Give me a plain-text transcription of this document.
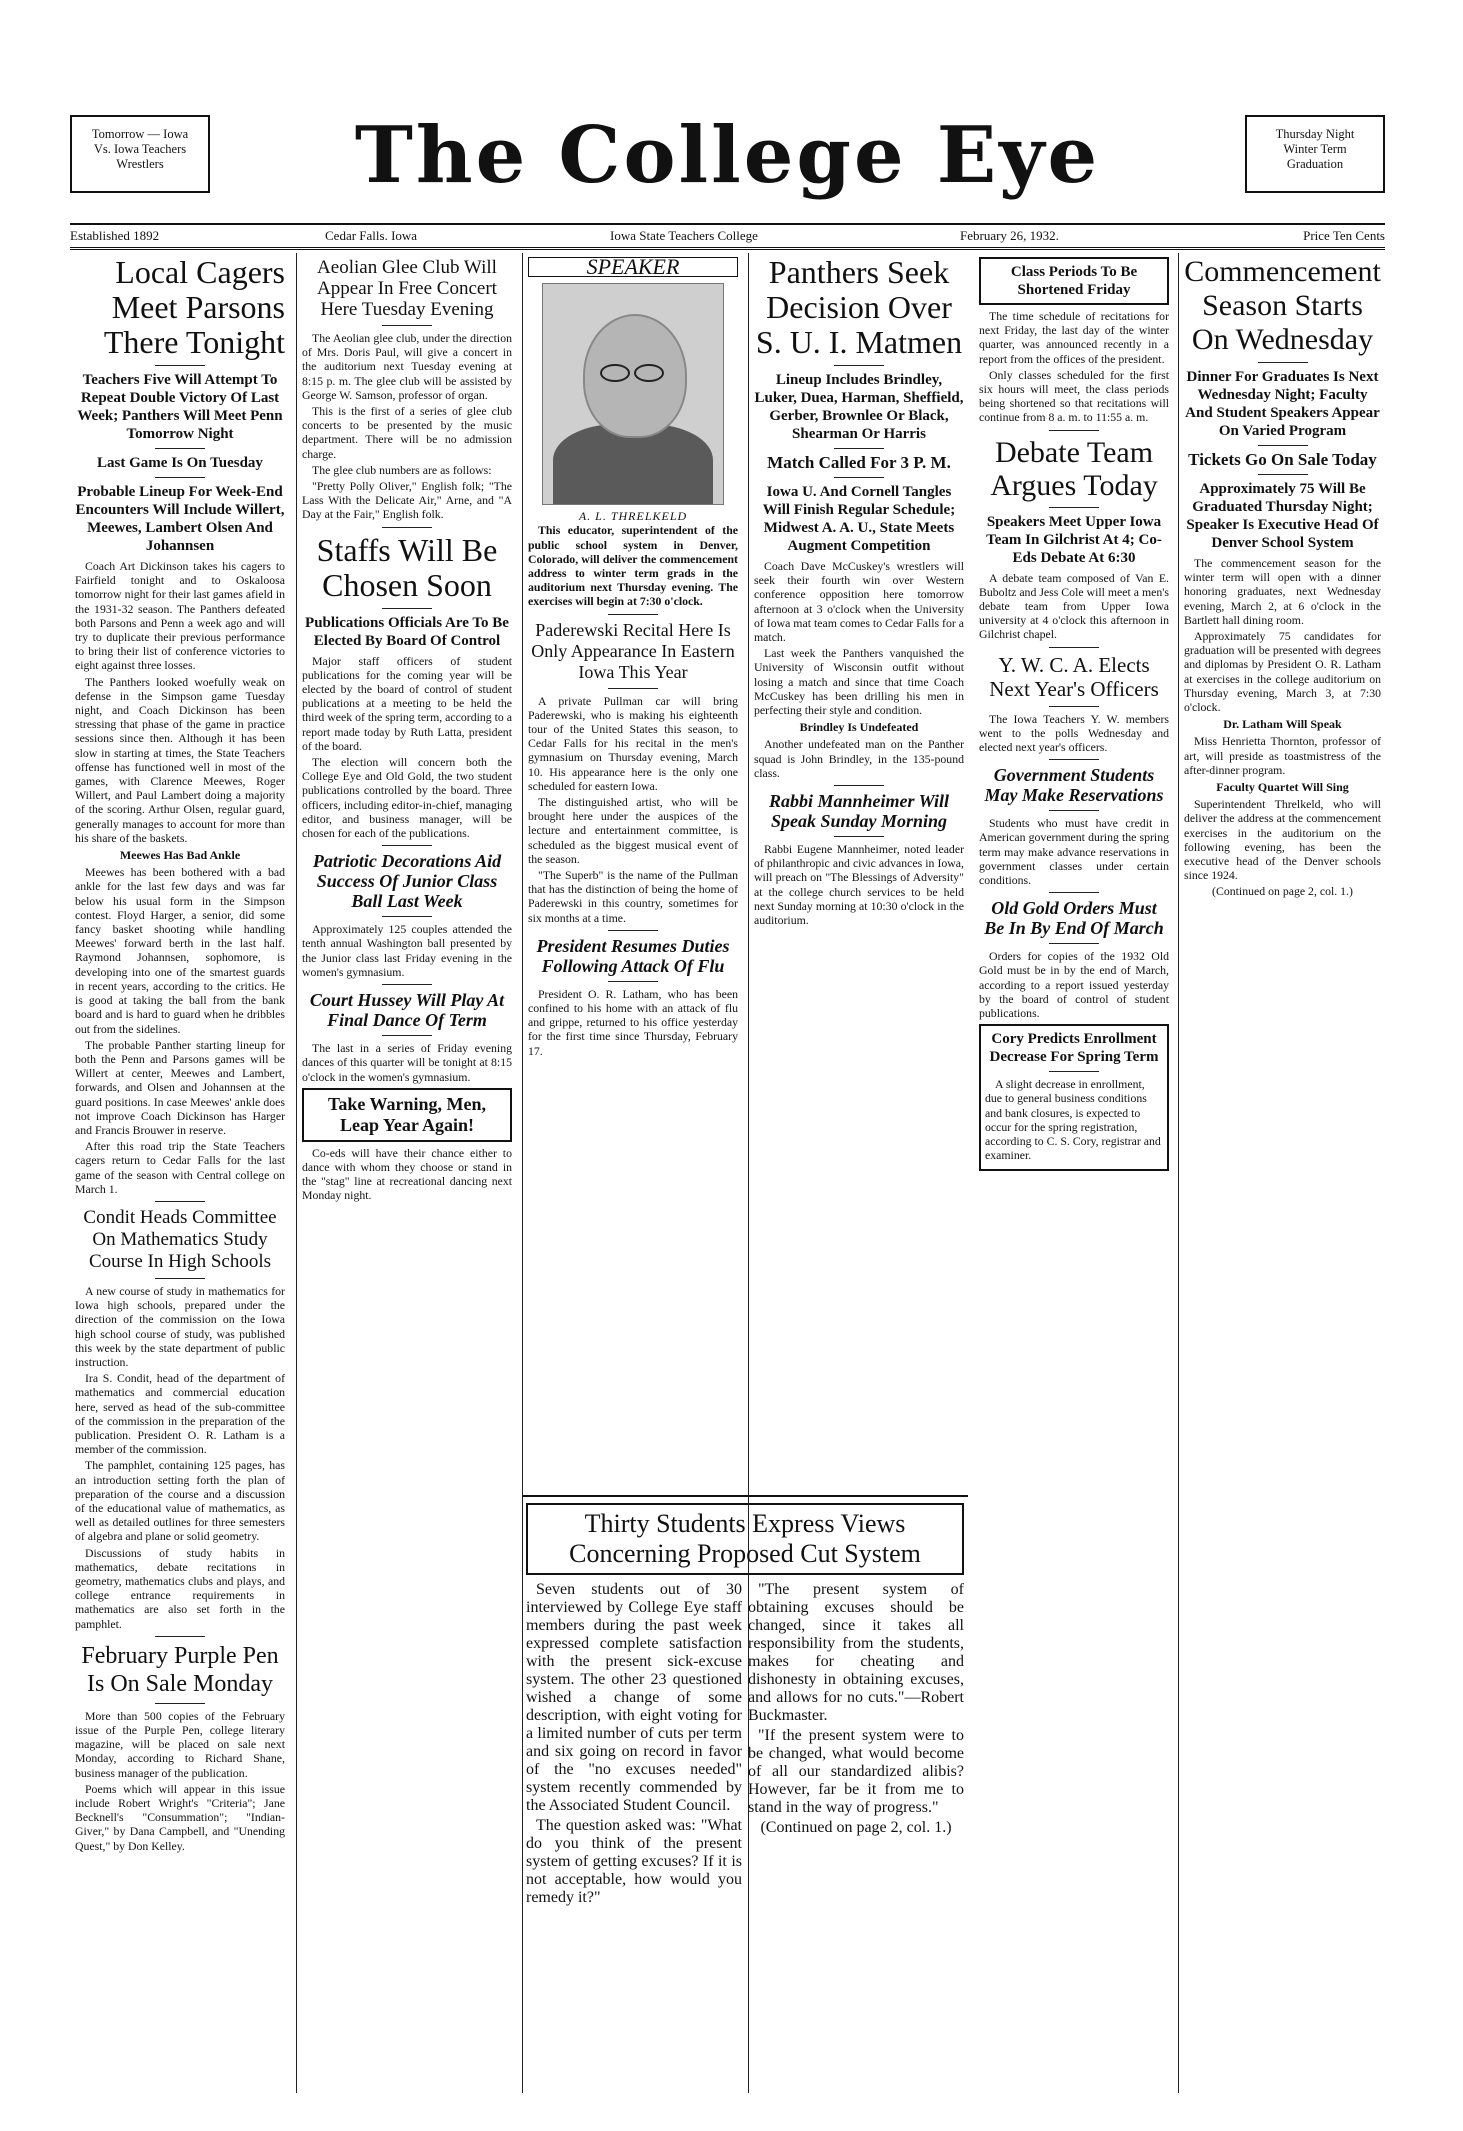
Tomorrow — Iowa
Vs. Iowa Teachers
Wrestlers	The College Eye	Thursday Night
Winter Term
Graduation
Established 1892	Cedar Falls. Iowa	Iowa State Teachers College	February 26, 1932.	Price Ten Cents
Local Cagers Meet Parsons There Tonight
Teachers Five Will Attempt To Repeat Double Victory Of Last Week; Panthers Will Meet Penn Tomorrow Night
Last Game Is On Tuesday
Probable Lineup For Week-End Encounters Will Include Willert, Meewes, Lambert Olsen And Johannsen

Coach Art Dickinson takes his cagers to Fairfield tonight and to Oskaloosa tomorrow night for their last games afield in the 1931-32 season. The Panthers defeated both Parsons and Penn a week ago and will try to duplicate their previous performance to bring their list of conference victories to eight against three losses.

The Panthers looked woefully weak on defense in the Simpson game Tuesday night, and Coach Dickinson has been stressing that phase of the game in practice sessions since then. Although it has been slow in starting at times, the State Teachers offense has functioned well in most of the games, with Clarence Meewes, Roger Willert, and Paul Lambert doing a majority of the scoring. Arthur Olsen, regular guard, generally manages to account for more than his share of the baskets.

Meewes Has Bad Ankle

Meewes has been bothered with a bad ankle for the last few days and was far below his usual form in the Simpson contest. Floyd Harger, a senior, did some fancy basket shooting while handling Meewes' forward berth in the last half. Raymond Johannsen, sophomore, is developing into one of the smartest guards in recent years, according to the critics. He is good at taking the ball from the bank board and is hard to guard when he dribbles out from the sidelines.

The probable Panther starting lineup for both the Penn and Parsons games will be Willert at center, Meewes and Lambert, forwards, and Olsen and Johannsen at the guard positions. In case Meewes' ankle does not improve Coach Dickinson has Harger and Francis Brouwer in reserve.

After this road trip the State Teachers cagers return to Cedar Falls for the last game of the season with Central college on March 1.

Condit Heads Committee On Mathematics Study Course In High Schools

A new course of study in mathematics for Iowa high schools, prepared under the direction of the commission on the Iowa high school course of study, was published this week by the state department of public instruction.

Ira S. Condit, head of the department of mathematics and commercial education here, served as head of the sub-committee of the commission in the preparation of the publication. President O. R. Latham is a member of the commission.

The pamphlet, containing 125 pages, has an introduction setting forth the plan of preparation of the course and a discussion of the educational value of mathematics, as well as detailed outlines for three semesters of algebra and plane or solid geometry.

Discussions of study habits in mathematics, debate recitations in geometry, mathematics clubs and plays, and college entrance requirements in mathematics are also set forth in the pamphlet.

February Purple Pen Is On Sale Monday

More than 500 copies of the February issue of the Purple Pen, college literary magazine, will be placed on sale next Monday, according to Richard Shane, business manager of the publication.

Poems which will appear in this issue include Robert Wright's "Criteria"; Jane Becknell's "Consummation"; "Indian-Giver," by Dana Campbell, and "Unending Quest," by Don Kelley.

Aeolian Glee Club Will Appear In Free Concert Here Tuesday Evening

The Aeolian glee club, under the direction of Mrs. Doris Paul, will give a concert in the auditorium next Tuesday evening at 8:15 p. m. The glee club will be assisted by George W. Samson, professor of organ.

This is the first of a series of glee club concerts to be presented by the music department. There will be no admission charge.

The glee club numbers are as follows:

"Pretty Polly Oliver," English folk; "The Lass With the Delicate Air," Arne, and "A Day at the Fair," English folk.

Staffs Will Be Chosen Soon
Publications Officials Are To Be Elected By Board Of Control

Major staff officers of student publications for the coming year will be elected by the board of control of student publications at a meeting to be held the third week of the spring term, according to a report made today by Ruth Latta, president of the board.

The election will concern both the College Eye and Old Gold, the two student publications controlled by the board. Three officers, including editor-in-chief, managing editor, and business manager, will be chosen for each of the publications.

Patriotic Decorations Aid Success Of Junior Class Ball Last Week

Approximately 125 couples attended the tenth annual Washington ball presented by the Junior class last Friday evening in the women's gymnasium.

Court Hussey Will Play At Final Dance Of Term

The last in a series of Friday evening dances of this quarter will be tonight at 8:15 o'clock in the women's gymnasium.

Take Warning, Men, Leap Year Again!

Co-eds will have their chance either to dance with whom they choose or stand in the "stag" line at recreational dancing next Monday night.

SPEAKER
A. L. THRELKELD

This educator, superintendent of the public school system in Denver, Colorado, will deliver the commencement address to winter term grads in the auditorium next Thursday evening. The exercises will begin at 7:30 o'clock.

Paderewski Recital Here Is Only Appearance In Eastern Iowa This Year

A private Pullman car will bring Paderewski, who is making his eighteenth tour of the United States this season, to Cedar Falls for his recital in the men's gymnasium on Thursday evening, March 10. His appearance here is the only one scheduled for eastern Iowa.

The distinguished artist, who will be brought here under the auspices of the lecture and entertainment committee, is scheduled as the biggest musical event of the season.

"The Superb" is the name of the Pullman that has the distinction of being the home of Paderewski in this country, sometimes for six months at a time.

President Resumes Duties Following Attack Of Flu

President O. R. Latham, who has been confined to his home with an attack of flu and grippe, returned to his office yesterday for the first time since Thursday, February 17.

Panthers Seek Decision Over S. U. I. Matmen
Lineup Includes Brindley, Luker, Duea, Harman, Sheffield, Gerber, Brownlee Or Black, Shearman Or Harris
Match Called For 3 P. M.
Iowa U. And Cornell Tangles Will Finish Regular Schedule; Midwest A. A. U., State Meets Augment Competition

Coach Dave McCuskey's wrestlers will seek their fourth win over Western conference opposition here tomorrow afternoon at 3 o'clock when the University of Iowa mat team comes to Cedar Falls for a match.

Last week the Panthers vanquished the University of Wisconsin outfit without losing a match and since that time Coach McCuskey has been drilling his men in perfecting their style and condition.

Brindley Is Undefeated

Another undefeated man on the Panther squad is John Brindley, in the 135-pound class.

Rabbi Mannheimer Will Speak Sunday Morning

Rabbi Eugene Mannheimer, noted leader of philanthropic and civic advances in Iowa, will preach on "The Blessings of Adversity" at the college church services to be held next Sunday morning at 10:30 o'clock in the auditorium.

Thirty Students Express Views Concerning Proposed Cut System

Seven students out of 30 interviewed by College Eye staff members during the past week expressed complete satisfaction with the present sick-excuse system. The other 23 questioned wished a change of some description, with eight voting for a limited number of cuts per term and six going on record in favor of the "no excuses needed" system recently commended by the Associated Student Council.

The question asked was: "What do you think of the present system of getting excuses? If it is not acceptable, how would you remedy it?"

"The present system of obtaining excuses should be changed, since it takes all responsibility from the students, makes for cheating and dishonesty in obtaining excuses, and allows for no cuts."—Robert Buckmaster.

"If the present system were to be changed, what would become of all our standardized alibis? However, far be it from me to stand in the way of progress."

(Continued on page 2, col. 1.)

Class Periods To Be Shortened Friday

The time schedule of recitations for next Friday, the last day of the winter quarter, was announced recently in a report from the offices of the president.

Only classes scheduled for the first six hours will meet, the class periods being shortened so that recitations will continue from 8 a. m. to 11:55 a. m.

Debate Team Argues Today
Speakers Meet Upper Iowa Team In Gilchrist At 4; Co-Eds Debate At 6:30

A debate team composed of Van E. Buboltz and Jess Cole will meet a men's debate team from Upper Iowa university at 4 o'clock this afternoon in Gilchrist chapel.

Y. W. C. A. Elects Next Year's Officers

The Iowa Teachers Y. W. members went to the polls Wednesday and elected next year's officers.

Government Students May Make Reservations

Students who must have credit in American government during the spring term may make advance reservations in government classes under certain conditions.

Old Gold Orders Must Be In By End Of March

Orders for copies of the 1932 Old Gold must be in by the end of March, according to a report issued yesterday by the board of control of student publications.

Cory Predicts Enrollment Decrease For Spring Term

A slight decrease in enrollment, due to general business conditions and bank closures, is expected to occur for the spring registration, according to C. S. Cory, registrar and examiner.

Commencement Season Starts On Wednesday
Dinner For Graduates Is Next Wednesday Night; Faculty And Student Speakers Appear On Varied Program
Tickets Go On Sale Today
Approximately 75 Will Be Graduated Thursday Night; Speaker Is Executive Head Of Denver School System

The commencement season for the winter term will open with a dinner honoring graduates, next Wednesday evening, March 2, at 6 o'clock in the Bartlett hall dining room.

Approximately 75 candidates for graduation will be presented with degrees and diplomas by President O. R. Latham at exercises in the college auditorium on Thursday evening, March 3, at 7:30 o'clock.

Dr. Latham Will Speak

Miss Henrietta Thornton, professor of art, will preside as toastmistress of the after-dinner program.

Faculty Quartet Will Sing

Superintendent Threlkeld, who will deliver the address at the commencement exercises in the auditorium on the following evening, has been the executive head of the Denver schools since 1924.

(Continued on page 2, col. 1.)
